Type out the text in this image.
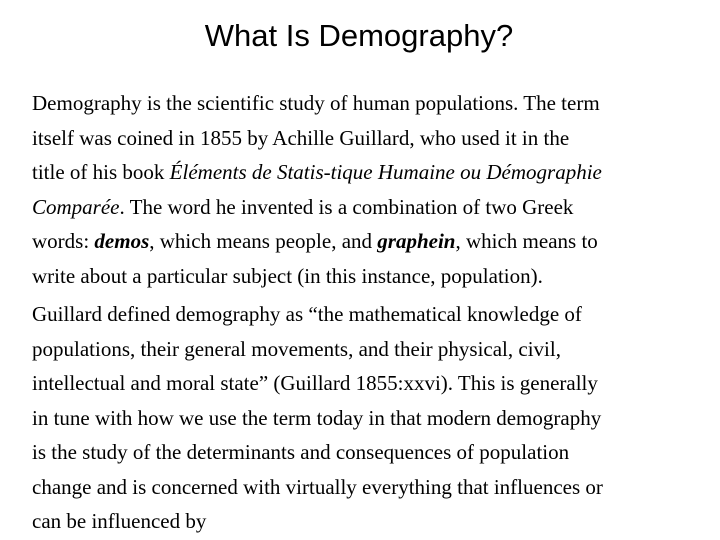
What Is Demography?

Demography is the scientific study of human populations. The term
itself was coined in 1855 by Achille Guillard, who used it in the
title of his book Éléments de Statis-tique Humaine ou Démographie
Comparée. The word he invented is a combination of two Greek
words: demos, which means people, and graphein, which means to
write about a particular subject (in this instance, population).

Guillard defined demography as “the mathematical knowledge of
populations, their general movements, and their physical, civil,
intellectual and moral state” (Guillard 1855:xxvi). This is generally
in tune with how we use the term today in that modern demography
is the study of the determinants and consequences of population
change and is concerned with virtually everything that influences or
can be influenced by
